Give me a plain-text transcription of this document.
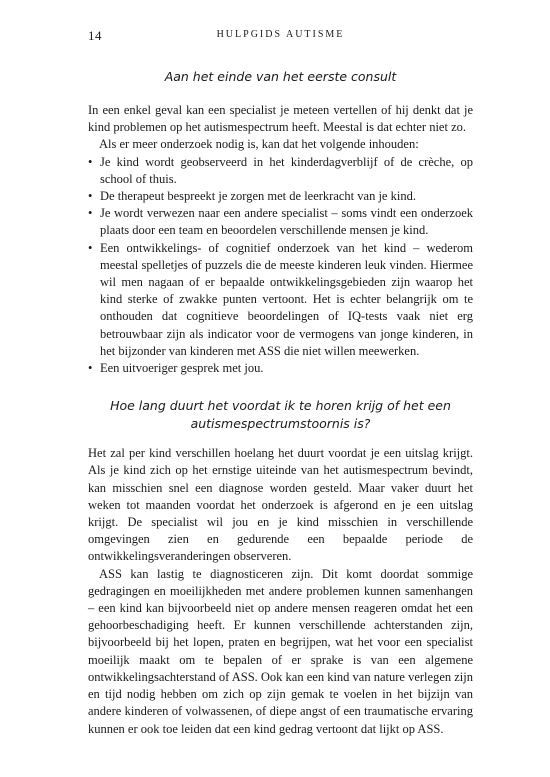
14	HULPGIDS AUTISME
Aan het einde van het eerste consult

In een enkel geval kan een specialist je meteen vertellen of hij denkt dat je kind problemen op het autismespectrum heeft. Meestal is dat echter niet zo.

Als er meer onderzoek nodig is, kan dat het volgende inhouden:

• Je kind wordt geobserveerd in het kinderdagverblijf of de crèche, op school of thuis.
• De therapeut bespreekt je zorgen met de leerkracht van je kind.
• Je wordt verwezen naar een andere specialist – soms vindt een onderzoek plaats door een team en beoordelen verschillende mensen je kind.
• Een ontwikkelings- of cognitief onderzoek van het kind – wederom meestal spelletjes of puzzels die de meeste kinderen leuk vinden. Hiermee wil men nagaan of er bepaalde ontwikkelingsgebieden zijn waarop het kind sterke of zwakke punten vertoont. Het is echter belangrijk om te onthouden dat cognitieve beoordelingen of IQ-tests vaak niet erg betrouwbaar zijn als indicator voor de vermogens van jonge kinderen, in het bijzonder van kinderen met ASS die niet willen meewerken.
• Een uitvoeriger gesprek met jou.
Hoe lang duurt het voordat ik te horen krijg of het een
autismespectrumstoornis is?

Het zal per kind verschillen hoelang het duurt voordat je een uitslag krijgt. Als je kind zich op het ernstige uiteinde van het autismespectrum bevindt, kan misschien snel een diagnose worden gesteld. Maar vaker duurt het weken tot maanden voordat het onderzoek is afgerond en je een uitslag krijgt. De specialist wil jou en je kind misschien in verschillende omgevingen zien en gedurende een bepaalde periode de ontwikkelingsveranderingen observeren.

ASS kan lastig te diagnosticeren zijn. Dit komt doordat sommige gedragingen en moeilijkheden met andere problemen kunnen samenhangen – een kind kan bijvoorbeeld niet op andere mensen reageren omdat het een gehoorbeschadiging heeft. Er kunnen verschillende achterstanden zijn, bijvoorbeeld bij het lopen, praten en begrijpen, wat het voor een specialist moeilijk maakt om te bepalen of er sprake is van een algemene ontwikkelingsachterstand of ASS. Ook kan een kind van nature verlegen zijn en tijd nodig hebben om zich op zijn gemak te voelen in het bijzijn van andere kinderen of volwassenen, of diepe angst of een traumatische ervaring kunnen er ook toe leiden dat een kind gedrag vertoont dat lijkt op ASS.
